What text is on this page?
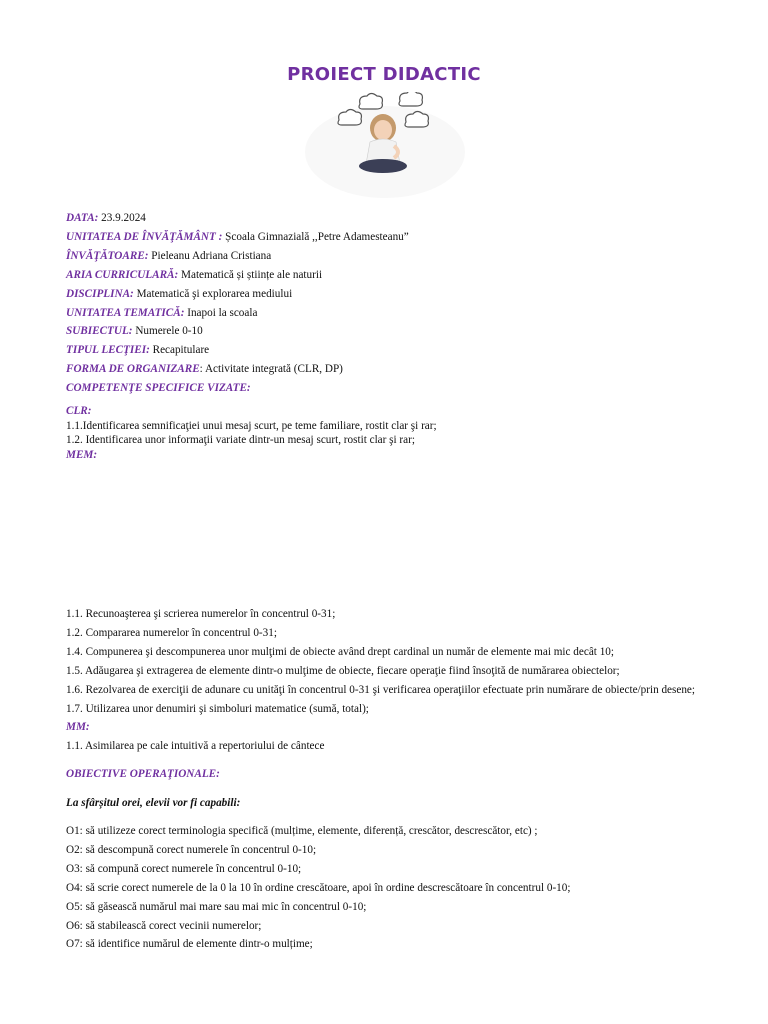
PROIECT DIDACTIC
DATA: 23.9.2024
UNITATEA DE ÎNVĂŢĂMÂNT : Școala Gimnazială ,,Petre Adamesteanu”
ÎNVĂŢĂTOARE: Pieleanu Adriana Cristiana
ARIA CURRICULARĂ: Matematică și științe ale naturii
DISCIPLINA: Matematică şi explorarea mediului
UNITATEA TEMATICĂ: Inapoi la scoala
SUBIECTUL: Numerele 0-10
TIPUL LECŢIEI: Recapitulare
FORMA DE ORGANIZARE: Activitate integrată (CLR, DP)
COMPETENŢE SPECIFICE VIZATE:
CLR:
1.1.Identificarea semnificaţiei unui mesaj scurt, pe teme familiare, rostit clar şi rar;
1.2. Identificarea unor informaţii variate dintr-un mesaj scurt, rostit clar şi rar;
MEM:
1.1. Recunoaşterea şi scrierea numerelor în concentrul 0-31;
1.2. Compararea numerelor în concentrul 0-31;
1.4. Compunerea şi descompunerea unor mulţimi de obiecte având drept cardinal un număr de elemente mai mic decât 10;
1.5. Adăugarea şi extragerea de elemente dintr-o mulţime de obiecte, fiecare operaţie fiind însoţită de numărarea obiectelor;
1.6. Rezolvarea de exerciţii de adunare cu unităţi în concentrul 0-31 şi verificarea operaţiilor efectuate prin numărare de obiecte/prin desene;
1.7. Utilizarea unor denumiri şi simboluri matematice (sumă, total);
MM:
1.1. Asimilarea pe cale intuitivă a repertoriului de cântece
OBIECTIVE OPERAŢIONALE:
La sfârșitul orei, elevii vor fi capabili:
O1: să utilizeze corect terminologia specifică (mulțime, elemente, diferență, crescător, descrescător, etc) ;
O2: să descompună corect numerele în concentrul 0-10;
O3: să compună corect numerele în concentrul 0-10;
O4: să scrie corect numerele de la 0 la 10 în ordine crescătoare, apoi în ordine descrescătoare în concentrul 0-10;
O5: să găsească numărul mai mare sau mai mic în concentrul 0-10;
O6: să stabilească corect vecinii numerelor;
O7: să identifice numărul de elemente dintr-o mulțime;
